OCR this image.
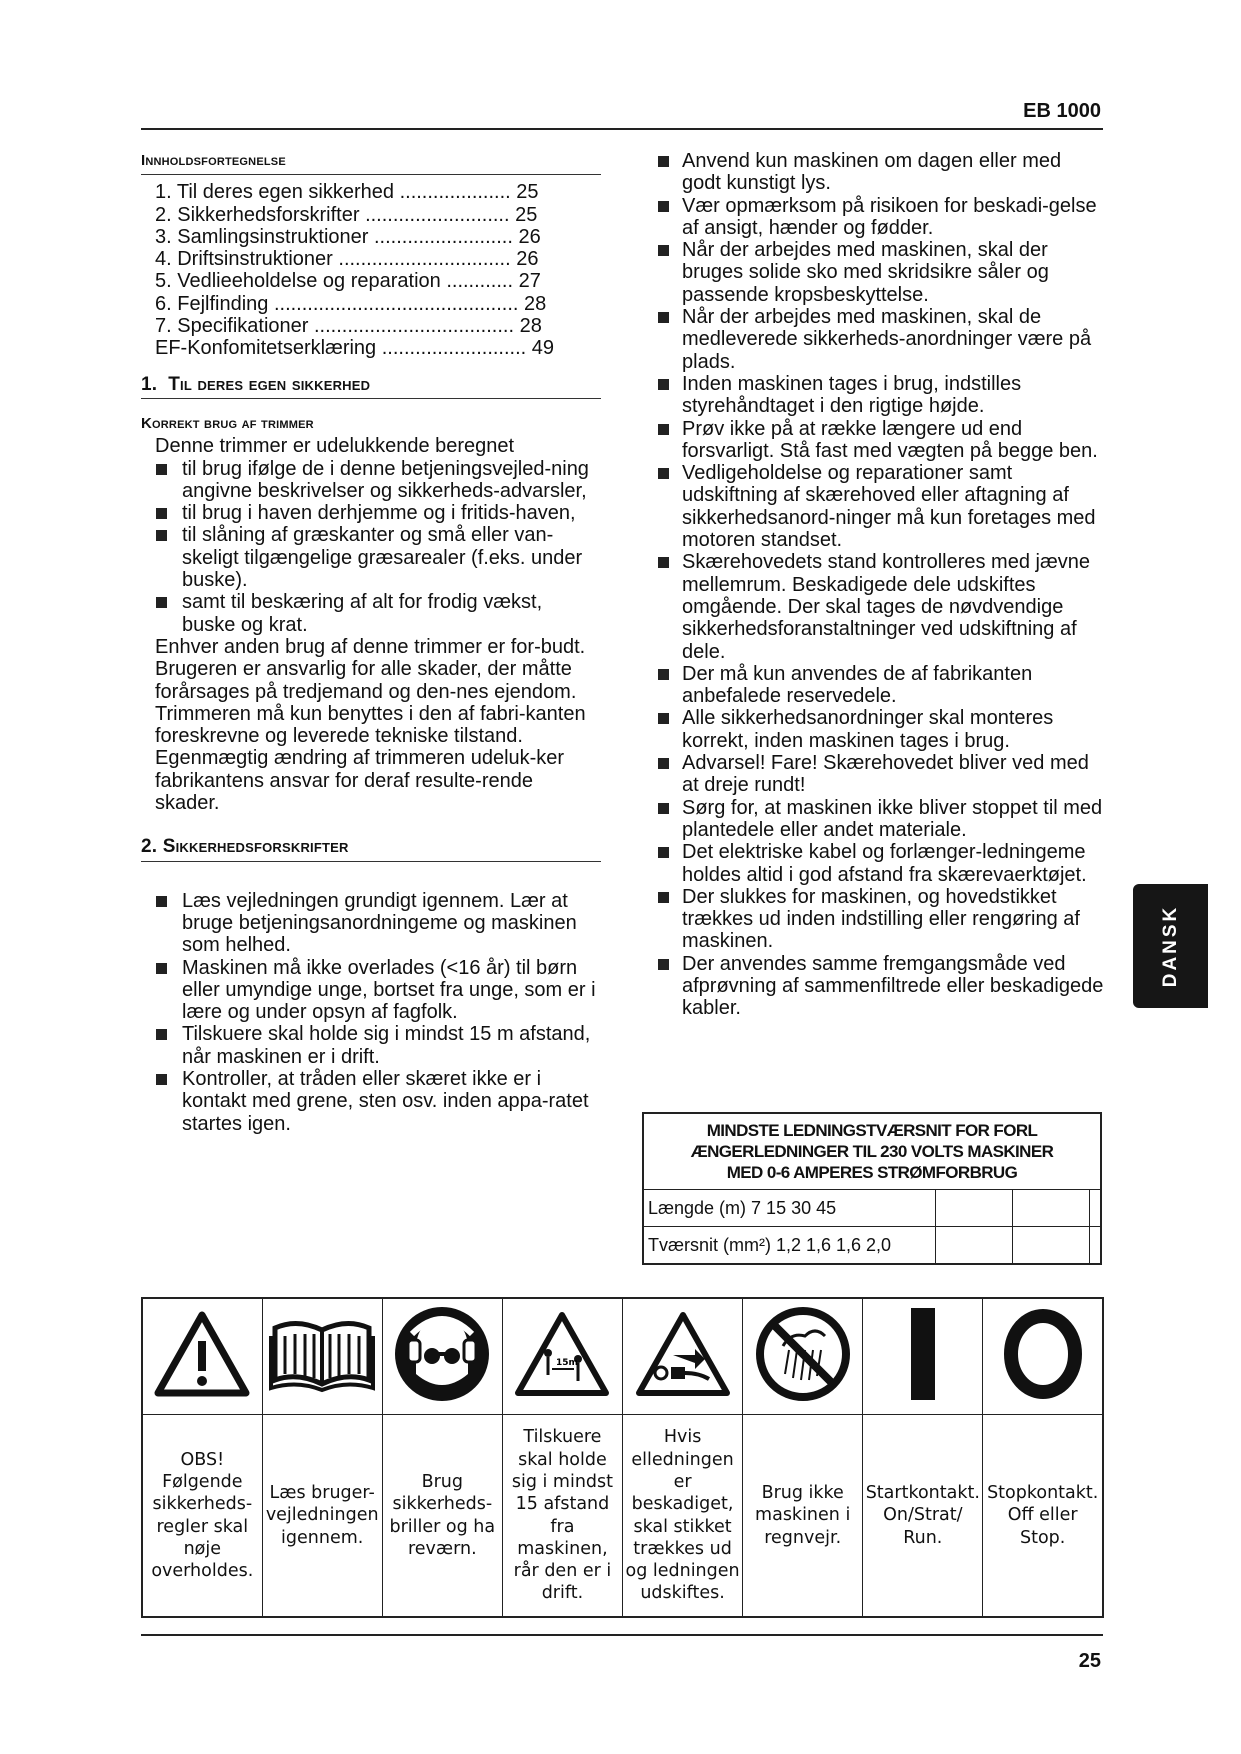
EB 1000
Innholdsfortegnelse
1. Til deres egen sikkerhed .................... 25
2. Sikkerhedsforskrifter .......................... 25
3. Samlingsinstruktioner ......................... 26
4. Driftsinstruktioner ............................... 26
5. Vedlieeholdelse og reparation ............ 27
6. Fejlfinding ............................................ 28
7. Specifikationer .................................... 28
EF-Konfomitetserklæring .......................... 49
1. Til deres egen sikkerhed
Korrekt brug af trimmer
Denne trimmer er udelukkende beregnet
til brug ifølge de i denne betjeningsvejled-ning angivne beskrivelser og sikkerheds-advarsler,
til brug i haven derhjemme og i fritids-haven,
til slåning af græskanter og små eller van-skeligt tilgængelige græsarealer (f.eks. under buske).
samt til beskæring af alt for frodig vækst, buske og krat.
Enhver anden brug af denne trimmer er for-budt. Brugeren er ansvarlig for alle skader, der måtte forårsages på tredjemand og den-nes ejendom.
Trimmeren må kun benyttes i den af fabri-kanten foreskrevne og leverede tekniske tilstand.
Egenmægtig ændring af trimmeren udeluk-ker fabrikantens ansvar for deraf resulte-rende skader.
2. Sikkerhedsforskrifter
Læs vejledningen grundigt igennem. Lær at bruge betjeningsanordningeme og maskinen som helhed.
Maskinen må ikke overlades (<16 år) til børn eller umyndige unge, bortset fra unge, som er i lære og under opsyn af fagfolk.
Tilskuere skal holde sig i mindst 15 m afstand, når maskinen er i drift.
Kontroller, at tråden eller skæret ikke er i kontakt med grene, sten osv. inden appa-ratet startes igen.
Anvend kun maskinen om dagen eller med godt kunstigt lys.
Vær opmærksom på risikoen for beskadi-gelse af ansigt, hænder og fødder.
Når der arbejdes med maskinen, skal der bruges solide sko med skridsikre såler og passende kropsbeskyttelse.
Når der arbejdes med maskinen, skal de medleverede sikkerheds-anordninger være på plads.
Inden maskinen tages i brug, indstilles styrehåndtaget i den rigtige højde.
Prøv ikke på at række længere ud end forsvarligt. Stå fast med vægten på begge ben.
Vedligeholdelse og reparationer samt udskiftning af skærehoved eller aftagning af sikkerhedsanord-ninger må kun foretages med motoren standset.
Skærehovedets stand kontrolleres med jævne mellemrum. Beskadigede dele udskiftes omgående. Der skal tages de nøvdvendige sikkerhedsforanstaltninger ved udskiftning af dele.
Der må kun anvendes de af fabrikanten anbefalede reservedele.
Alle sikkerhedsanordninger skal monteres korrekt, inden maskinen tages i brug.
Advarsel! Fare! Skærehovedet bliver ved med at dreje rundt!
Sørg for, at maskinen ikke bliver stoppet til med plantedele eller andet materiale.
Det elektriske kabel og forlænger-ledningeme holdes altid i god afstand fra skærevaerktøjet.
Der slukkes for maskinen, og hovedstikket trækkes ud inden indstilling eller rengøring af maskinen.
Der anvendes samme fremgangsmåde ved afprøvning af sammenfiltrede eller beskadigede kabler.
DANSK
MINDSTE LEDNINGSTVÆRSNIT FOR FORL
ÆNGERLEDNINGER TIL 230 VOLTS MASKINER
MED 0-6 AMPERES STRØMFORBRUG			

Længde (m) 7 15 30 45			
Tværsnit (mm²) 1,2 1,6 1,6 2,0			

15m

OBS! Følgende sikkerheds-regler skal nøje overholdes.	Læs bruger-vejledningen igennem.	Brug sikkerheds-briller og ha reværn.	Tilskuere skal holde sig i mindst 15 afstand fra maskinen, rår den er i drift.	Hvis elledningen er beskadiget, skal stikket trækkes ud og ledningen udskiftes.	Brug ikke maskinen i regnvejr.	Startkontakt. On/Strat/ Run.	Stopkontakt. Off eller Stop.
25
